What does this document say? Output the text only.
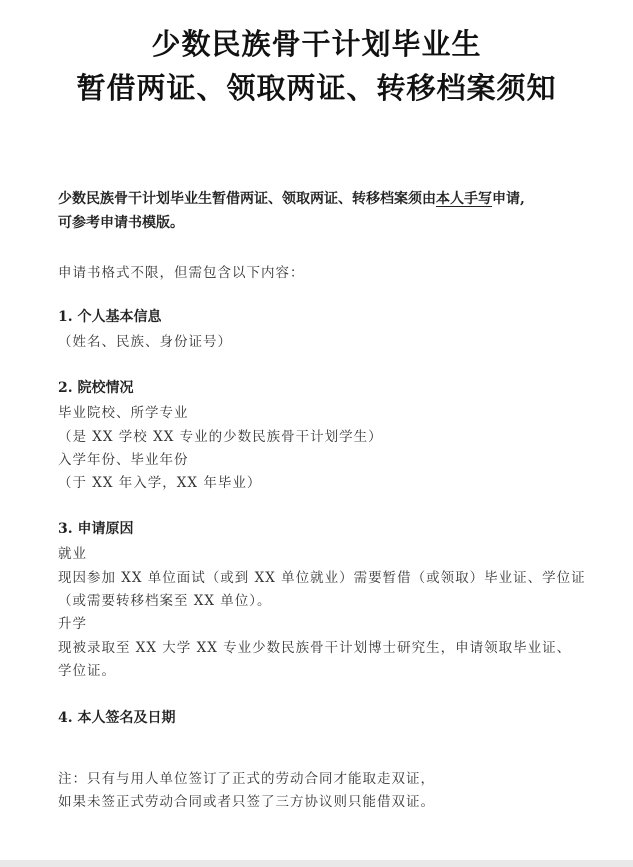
少数民族骨干计划毕业生
暂借两证、领取两证、转移档案须知
少数民族骨干计划毕业生暂借两证、领取两证、转移档案须由本人手写申请,
可参考申请书模版。
申请书格式不限，但需包含以下内容：
1. 个人基本信息
（姓名、民族、身份证号）
2. 院校情况
毕业院校、所学专业
（是 XX 学校 XX 专业的少数民族骨干计划学生）
入学年份、毕业年份
（于 XX 年入学，XX 年毕业）
3. 申请原因
就业
现因参加 XX 单位面试（或到 XX 单位就业）需要暂借（或领取）毕业证、学位证
（或需要转移档案至 XX 单位）。
升学
现被录取至 XX 大学 XX 专业少数民族骨干计划博士研究生，申请领取毕业证、
学位证。
4. 本人签名及日期
注：只有与用人单位签订了正式的劳动合同才能取走双证，
如果未签正式劳动合同或者只签了三方协议则只能借双证。
